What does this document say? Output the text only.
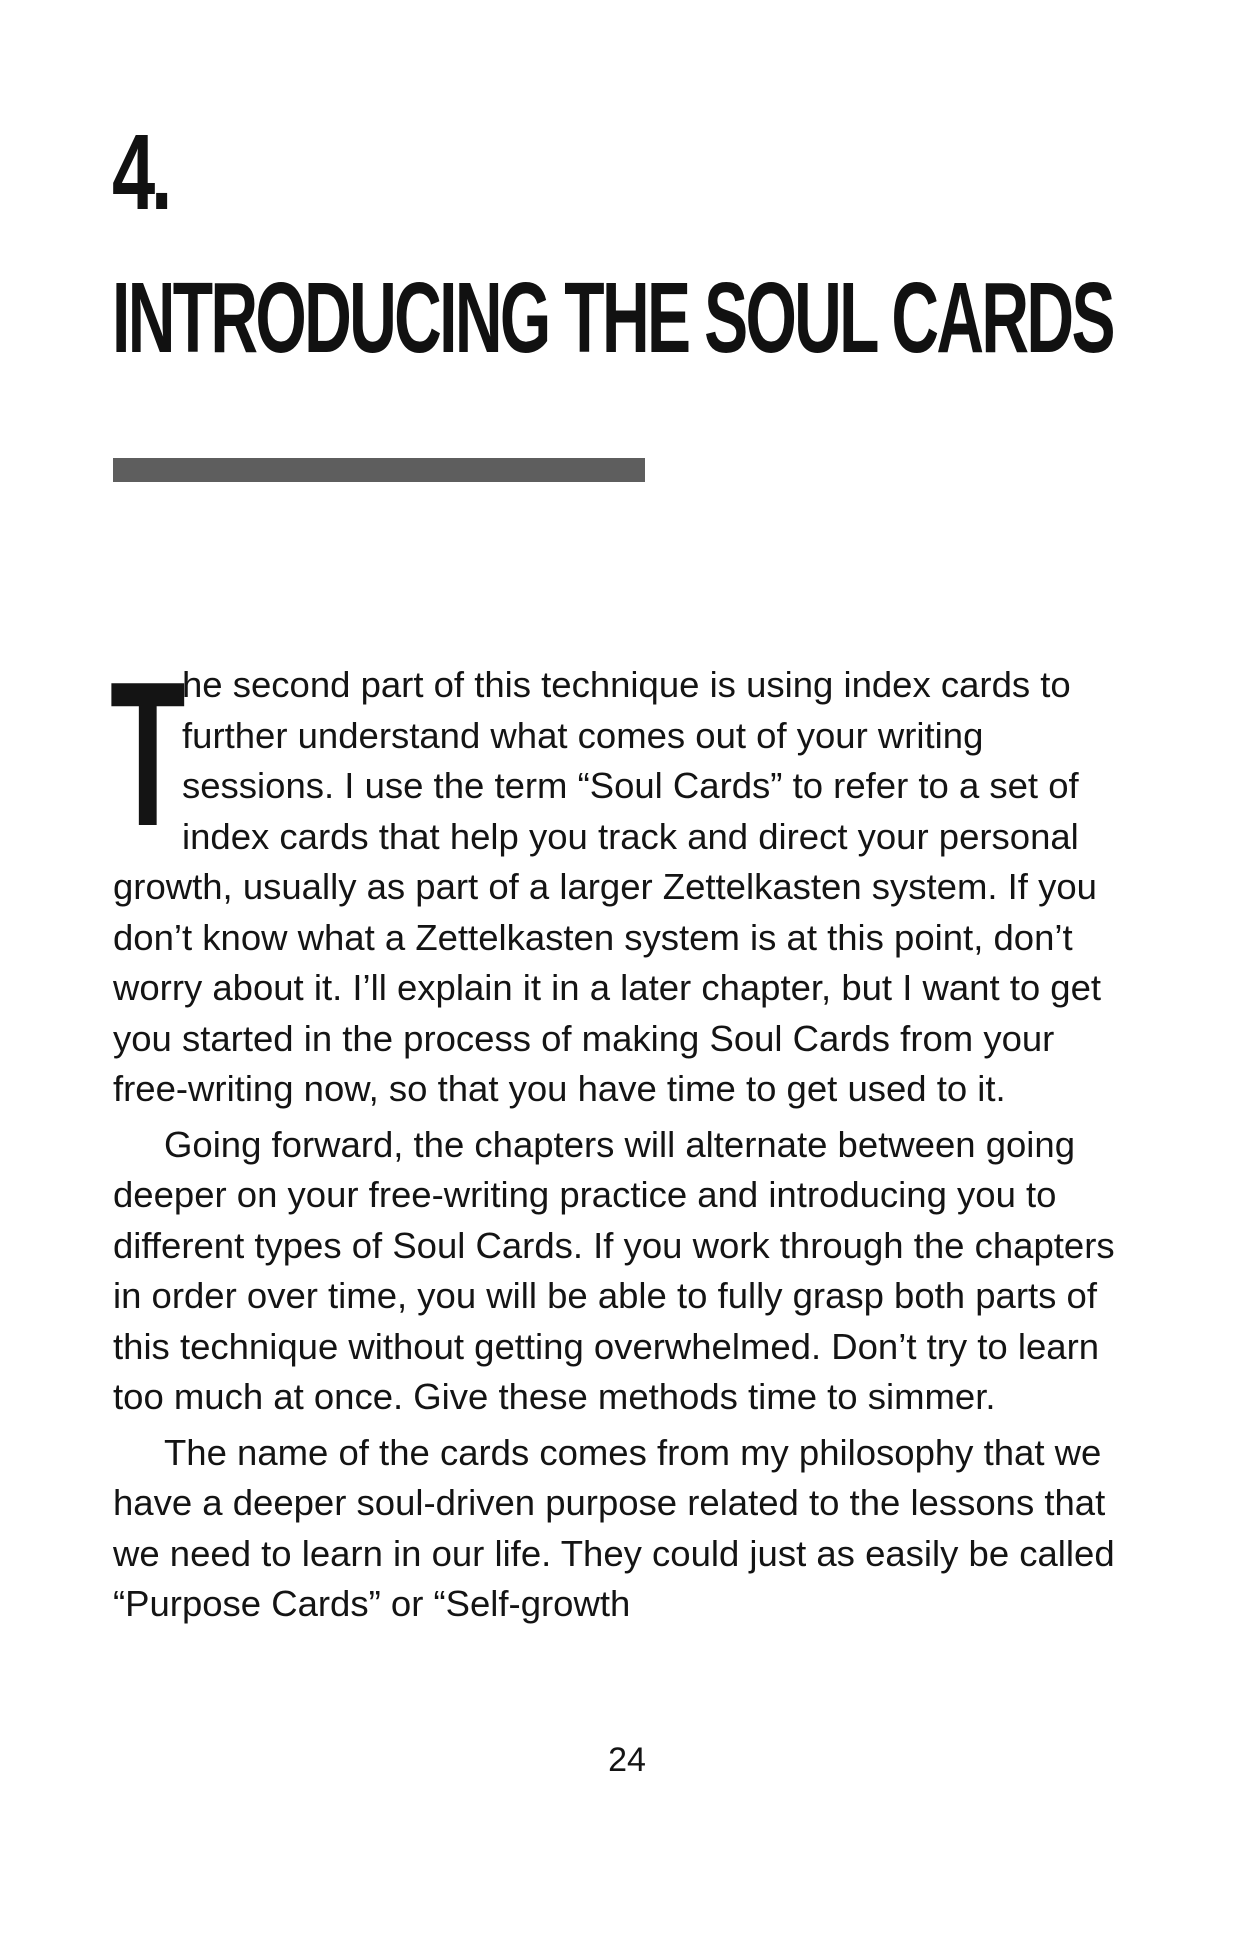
4.
INTRODUCING THE SOUL CARDS

T
he second part of this technique is using index cards to further understand what comes out of your writing sessions. I use the term “Soul Cards” to refer to a set of index cards that help you track and direct your personal growth, usually as part of a larger Zettelkasten system. If you don’t know what a Zettelkasten system is at this point, don’t worry about it. I’ll explain it in a later chapter, but I want to get you started in the process of making Soul Cards from your free-writing now, so that you have time to get used to it.

Going forward, the chapters will alternate between going deeper on your free-writing practice and introducing you to different types of Soul Cards. If you work through the chapters in order over time, you will be able to fully grasp both parts of this technique without getting overwhelmed. Don’t try to learn too much at once. Give these methods time to simmer.

The name of the cards comes from my philosophy that we have a deeper soul-driven purpose related to the lessons that we need to learn in our life. They could just as easily be called “Purpose Cards” or “Self-growth

24
